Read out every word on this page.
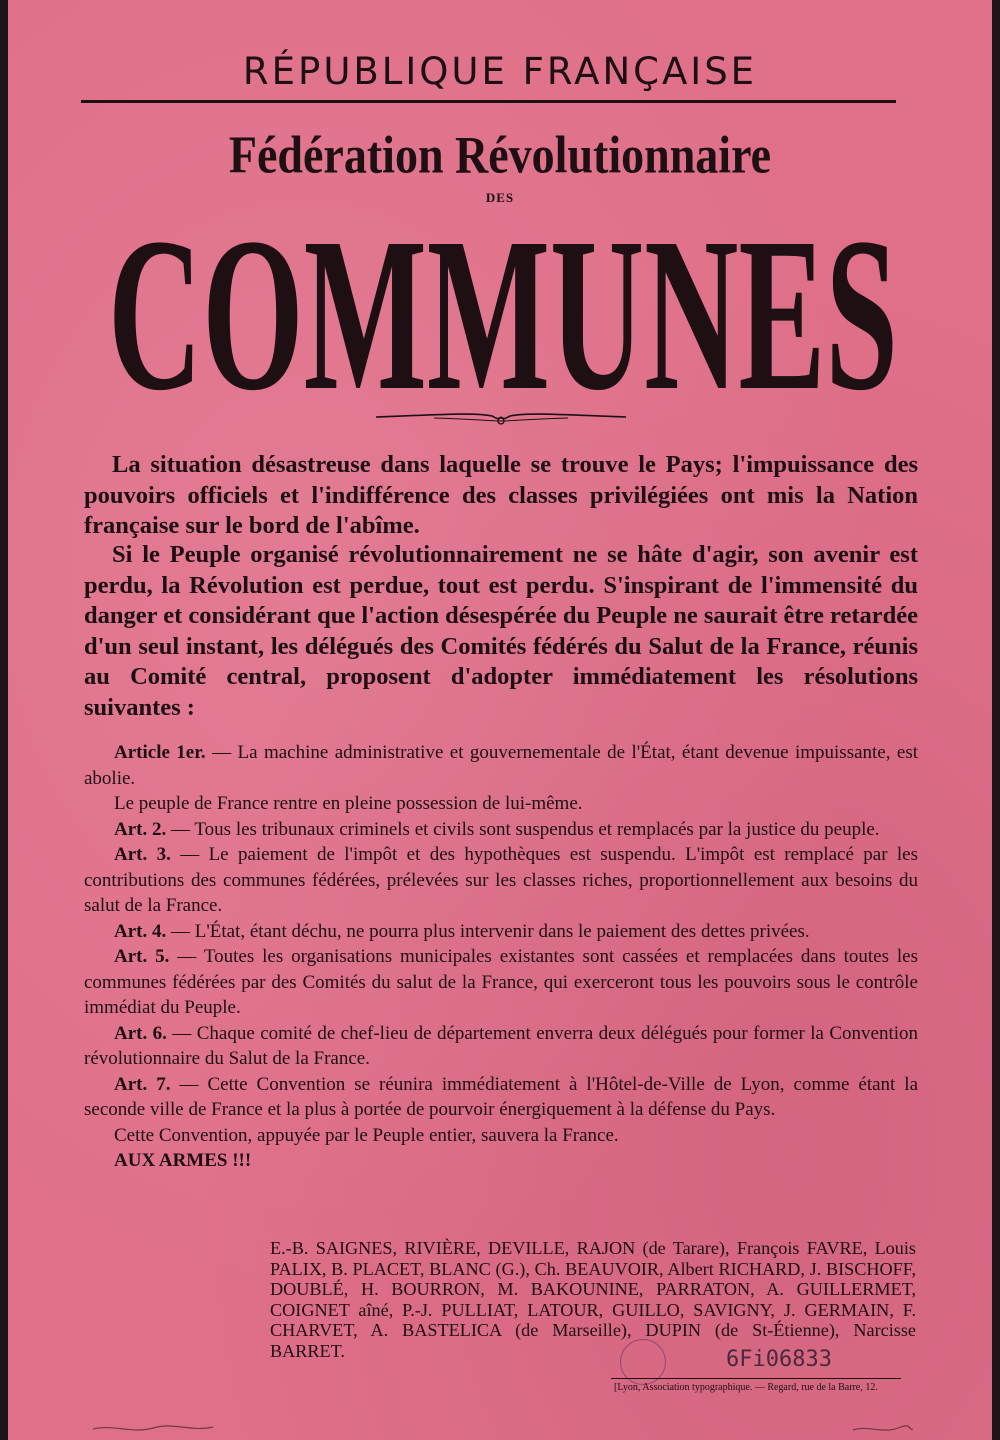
RÉPUBLIQUE FRANÇAISE
Fédération Révolutionnaire
DES
COMMUNES
La situation désastreuse dans laquelle se trouve le Pays; l'impuissance des pouvoirs officiels et l'indifférence des classes privilégiées ont mis la Nation française sur le bord de l'abîme.
Si le Peuple organisé révolutionnairement ne se hâte d'agir, son avenir est perdu, la Révolution est perdue, tout est perdu. S'inspirant de l'immensité du danger et considérant que l'action désespérée du Peuple ne saurait être retardée d'un seul instant, les délégués des Comités fédérés du Salut de la France, réunis au Comité central, proposent d'adopter immédiatement les résolutions suivantes :

Article 1er. — La machine administrative et gouvernementale de l'État, étant devenue impuissante, est abolie.

Le peuple de France rentre en pleine possession de lui-même.

Art. 2. — Tous les tribunaux criminels et civils sont suspendus et remplacés par la justice du peuple.

Art. 3. — Le paiement de l'impôt et des hypothèques est suspendu. L'impôt est remplacé par les contributions des communes fédérées, prélevées sur les classes riches, proportionnellement aux besoins du salut de la France.

Art. 4. — L'État, étant déchu, ne pourra plus intervenir dans le paiement des dettes privées.

Art. 5. — Toutes les organisations municipales existantes sont cassées et remplacées dans toutes les communes fédérées par des Comités du salut de la France, qui exerceront tous les pouvoirs sous le contrôle immédiat du Peuple.

Art. 6. — Chaque comité de chef-lieu de département enverra deux délégués pour former la Convention révolutionnaire du Salut de la France.

Art. 7. — Cette Convention se réunira immédiatement à l'Hôtel-de-Ville de Lyon, comme étant la seconde ville de France et la plus à portée de pourvoir énergiquement à la défense du Pays.

Cette Convention, appuyée par le Peuple entier, sauvera la France.

AUX ARMES !!!

E.-B. SAIGNES, RIVIÈRE, DEVILLE, RAJON (de Tarare), François FAVRE, Louis PALIX, B. PLACET, BLANC (G.), Ch. BEAUVOIR, Albert RICHARD, J. BISCHOFF, DOUBLÉ, H. BOURRON, M. BAKOUNINE, PARRATON, A. GUILLERMET, COIGNET aîné, P.-J. PULLIAT, LATOUR, GUILLO, SAVIGNY, J. GERMAIN, F. CHARVET, A. BASTELICA (de Marseille), DUPIN (de St-Étienne), Narcisse BARRET.	6Fi06833
[Lyon, Association typographique. — Regard, rue de la Barre, 12.
